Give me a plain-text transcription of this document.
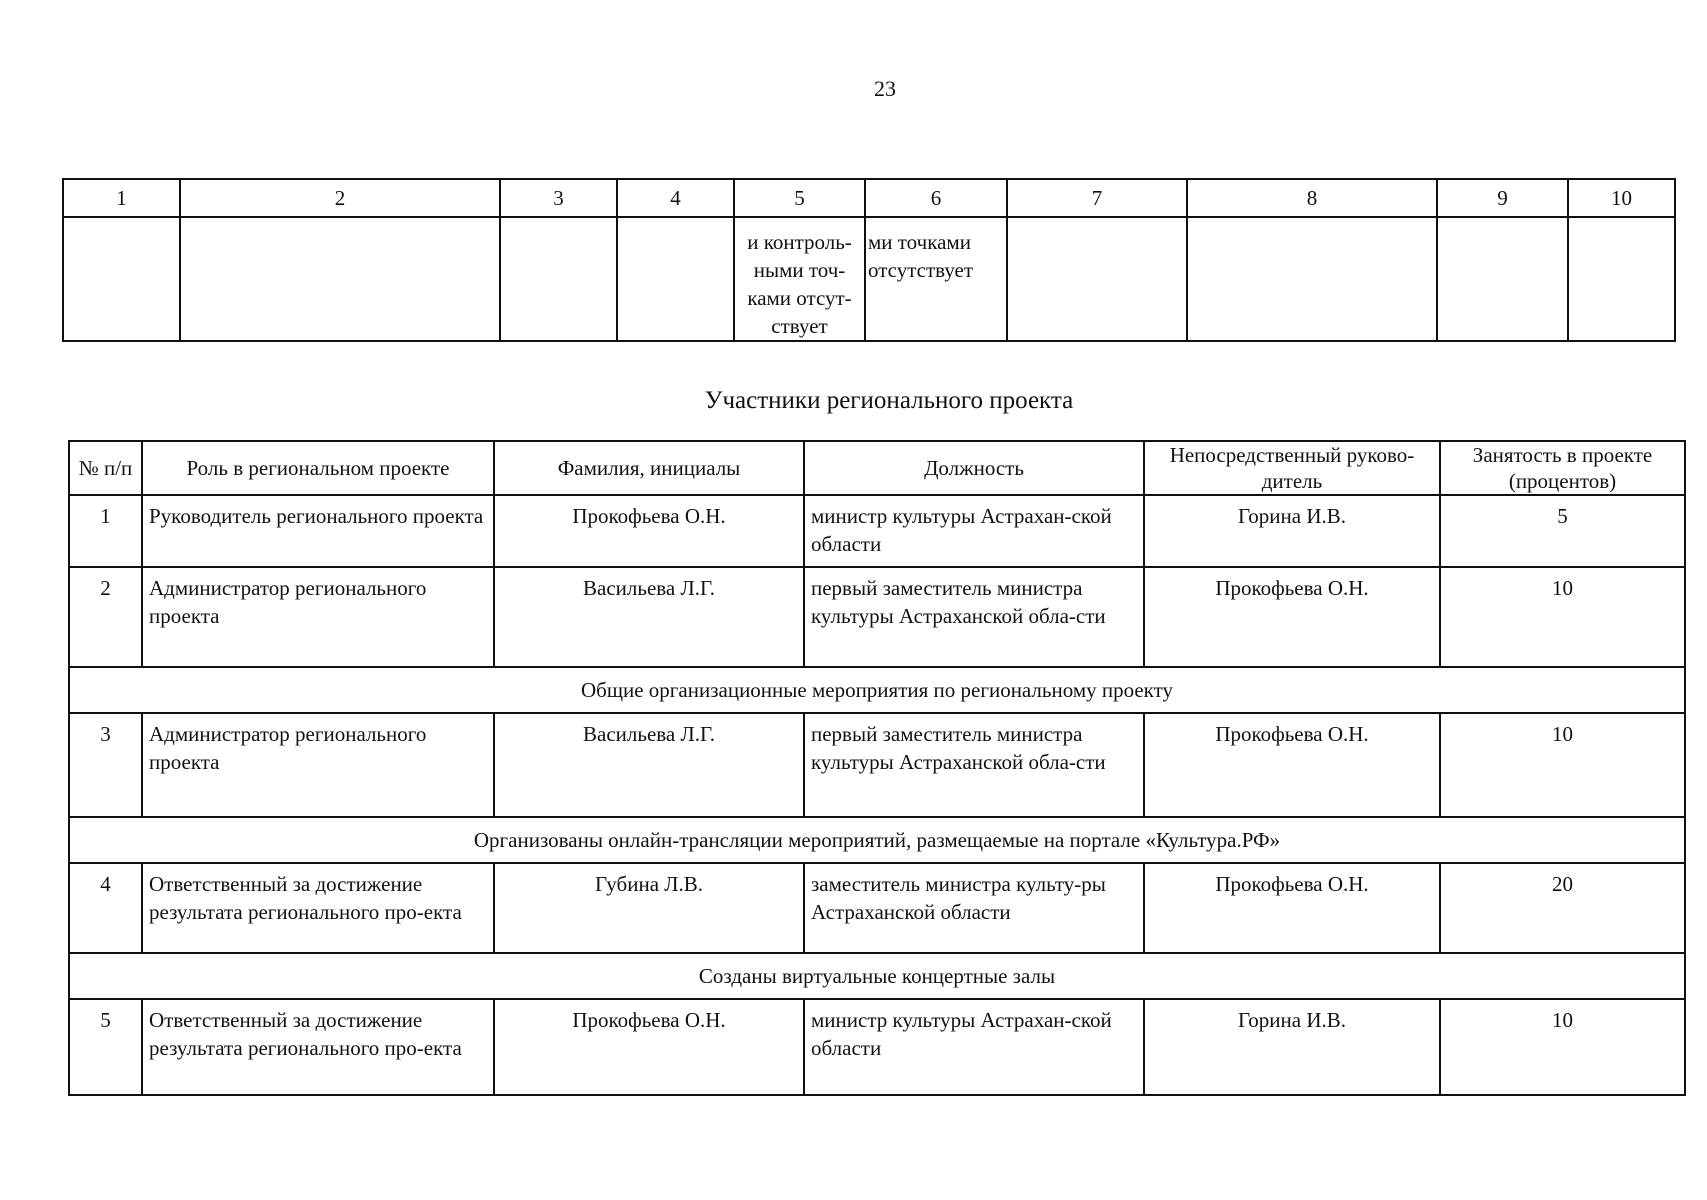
23
1	2	3	4	5	6	7	8	9	10
				и контроль-ными точ-ками отсут-ствует	ми точками отсутствует				
Участники регионального проекта
№ п/п	Роль в региональном проекте	Фамилия, инициалы	Должность	Непосредственный руково-дитель	Занятость в проекте (процентов)
1	Руководитель регионального проекта	Прокофьева О.Н.	министр культуры Астрахан-ской области	Горина И.В.	5
2	Администратор регионального проекта	Васильева Л.Г.	первый заместитель министра культуры Астраханской обла-сти	Прокофьева О.Н.	10
Общие организационные мероприятия по региональному проекту					
3	Администратор регионального проекта	Васильева Л.Г.	первый заместитель министра культуры Астраханской обла-сти	Прокофьева О.Н.	10
Организованы онлайн-трансляции мероприятий, размещаемые на портале «Культура.РФ»					
4	Ответственный за достижение результата регионального про-екта	Губина Л.В.	заместитель министра культу-ры Астраханской области	Прокофьева О.Н.	20
Созданы виртуальные концертные залы					
5	Ответственный за достижение результата регионального про-екта	Прокофьева О.Н.	министр культуры Астрахан-ской области	Горина И.В.	10
